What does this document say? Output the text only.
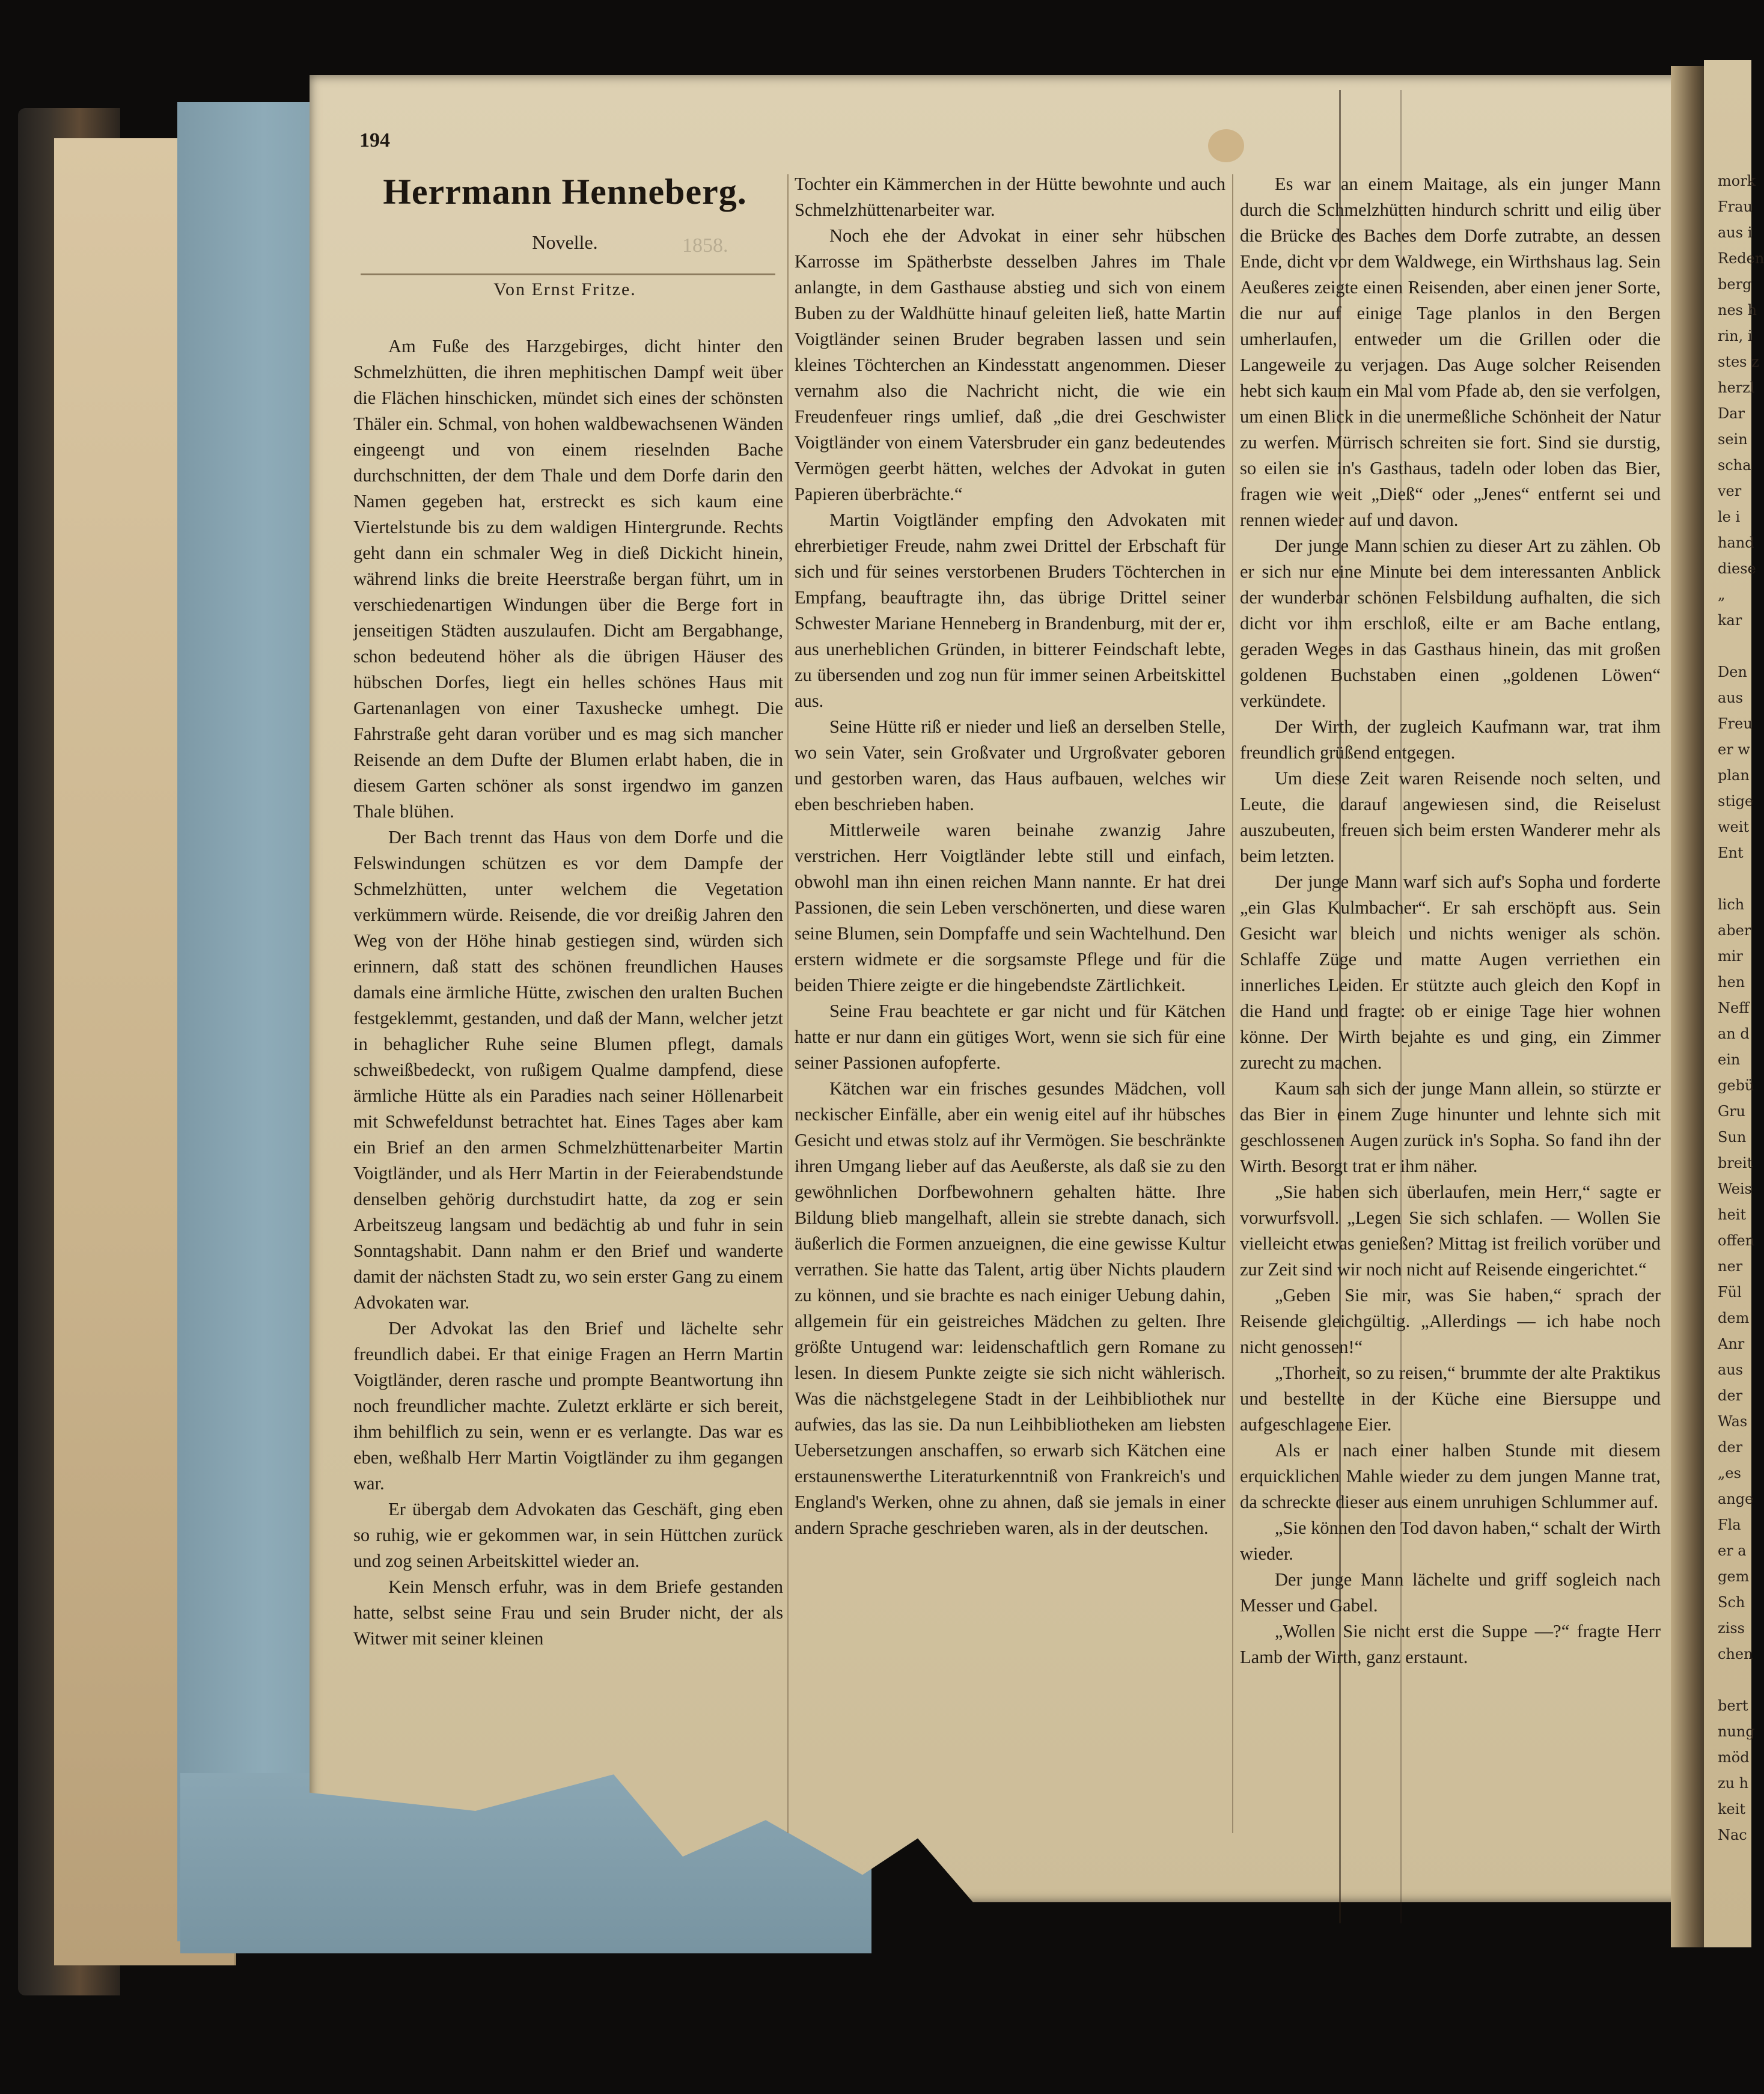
mork
Frau
aus i
Reden
berg
nes h
rin, i
stes z
herzl
Dar
sein
scha
ver
le i
hand
diese
„
kar

Den
aus
Freu
er w
plan
stige
weit
Ent

lich
aber
mir
hen
Neff
an d
ein
gebü
Gru
Sun
breit
Weis
heit
offen
ner
Fül
dem
Anr
aus
der
Was
der
„es
ange
Fla
er a
gem
Sch
ziss
chen

bert
nung
möd
zu h
keit
Nac
194
1858.
Herrmann Henneberg.
Novelle.
Von Ernst Fritze.

Am Fuße des Harzgebirges, dicht hinter den Schmelzhütten, die ihren mephitischen Dampf weit über die Flächen hinschicken, mündet sich eines der schönsten Thäler ein. Schmal, von hohen waldbewachsenen Wänden eingeengt und von einem rieselnden Bache durchschnitten, der dem Thale und dem Dorfe darin den Namen gegeben hat, erstreckt es sich kaum eine Viertelstunde bis zu dem waldigen Hintergrunde. Rechts geht dann ein schmaler Weg in dieß Dickicht hinein, während links die breite Heerstraße bergan führt, um in verschiedenartigen Windungen über die Berge fort in jenseitigen Städten auszulaufen. Dicht am Bergabhange, schon bedeutend höher als die übrigen Häuser des hübschen Dorfes, liegt ein helles schönes Haus mit Gartenanlagen von einer Taxushecke umhegt. Die Fahrstraße geht daran vorüber und es mag sich mancher Reisende an dem Dufte der Blumen erlabt haben, die in diesem Garten schöner als sonst irgendwo im ganzen Thale blühen.

Der Bach trennt das Haus von dem Dorfe und die Felswindungen schützen es vor dem Dampfe der Schmelzhütten, unter welchem die Vegetation verkümmern würde. Reisende, die vor dreißig Jahren den Weg von der Höhe hinab gestiegen sind, würden sich erinnern, daß statt des schönen freundlichen Hauses damals eine ärmliche Hütte, zwischen den uralten Buchen festgeklemmt, gestanden, und daß der Mann, welcher jetzt in behaglicher Ruhe seine Blumen pflegt, damals schweißbedeckt, von rußigem Qualme dampfend, diese ärmliche Hütte als ein Paradies nach seiner Höllenarbeit mit Schwefeldunst betrachtet hat. Eines Tages aber kam ein Brief an den armen Schmelzhüttenarbeiter Martin Voigtländer, und als Herr Martin in der Feierabendstunde denselben gehörig durchstudirt hatte, da zog er sein Arbeitszeug langsam und bedächtig ab und fuhr in sein Sonntagshabit. Dann nahm er den Brief und wanderte damit der nächsten Stadt zu, wo sein erster Gang zu einem Advokaten war.

Der Advokat las den Brief und lächelte sehr freundlich dabei. Er that einige Fragen an Herrn Martin Voigtländer, deren rasche und prompte Beantwortung ihn noch freundlicher machte. Zuletzt erklärte er sich bereit, ihm behilflich zu sein, wenn er es verlangte. Das war es eben, weßhalb Herr Martin Voigtländer zu ihm gegangen war.

Er übergab dem Advokaten das Geschäft, ging eben so ruhig, wie er gekommen war, in sein Hüttchen zurück und zog seinen Arbeitskittel wieder an.

Kein Mensch erfuhr, was in dem Briefe gestanden hatte, selbst seine Frau und sein Bruder nicht, der als Witwer mit seiner kleinen

Tochter ein Kämmerchen in der Hütte bewohnte und auch Schmelzhüttenarbeiter war.

Noch ehe der Advokat in einer sehr hübschen Karrosse im Spätherbste desselben Jahres im Thale anlangte, in dem Gasthause abstieg und sich von einem Buben zu der Waldhütte hinauf geleiten ließ, hatte Martin Voigtländer seinen Bruder begraben lassen und sein kleines Töchterchen an Kindesstatt angenommen. Dieser vernahm also die Nachricht nicht, die wie ein Freudenfeuer rings umlief, daß „die drei Geschwister Voigtländer von einem Vatersbruder ein ganz bedeutendes Vermögen geerbt hätten, welches der Advokat in guten Papieren überbrächte.“

Martin Voigtländer empfing den Advokaten mit ehrerbietiger Freude, nahm zwei Drittel der Erbschaft für sich und für seines verstorbenen Bruders Töchterchen in Empfang, beauftragte ihn, das übrige Drittel seiner Schwester Mariane Henneberg in Brandenburg, mit der er, aus unerheblichen Gründen, in bitterer Feindschaft lebte, zu übersenden und zog nun für immer seinen Arbeitskittel aus.

Seine Hütte riß er nieder und ließ an derselben Stelle, wo sein Vater, sein Großvater und Urgroßvater geboren und gestorben waren, das Haus aufbauen, welches wir eben beschrieben haben.

Mittlerweile waren beinahe zwanzig Jahre verstrichen. Herr Voigtländer lebte still und einfach, obwohl man ihn einen reichen Mann nannte. Er hat drei Passionen, die sein Leben verschönerten, und diese waren seine Blumen, sein Dompfaffe und sein Wachtelhund. Den erstern widmete er die sorgsamste Pflege und für die beiden Thiere zeigte er die hingebendste Zärtlichkeit.

Seine Frau beachtete er gar nicht und für Kätchen hatte er nur dann ein gütiges Wort, wenn sie sich für eine seiner Passionen aufopferte.

Kätchen war ein frisches gesundes Mädchen, voll neckischer Einfälle, aber ein wenig eitel auf ihr hübsches Gesicht und etwas stolz auf ihr Vermögen. Sie beschränkte ihren Umgang lieber auf das Aeußerste, als daß sie zu den gewöhnlichen Dorfbewohnern gehalten hätte. Ihre Bildung blieb mangelhaft, allein sie strebte danach, sich äußerlich die Formen anzueignen, die eine gewisse Kultur verrathen. Sie hatte das Talent, artig über Nichts plaudern zu können, und sie brachte es nach einiger Uebung dahin, allgemein für ein geistreiches Mädchen zu gelten. Ihre größte Untugend war: leidenschaftlich gern Romane zu lesen. In diesem Punkte zeigte sie sich nicht wählerisch. Was die nächstgelegene Stadt in der Leihbibliothek nur aufwies, das las sie. Da nun Leihbibliotheken am liebsten Uebersetzungen anschaffen, so erwarb sich Kätchen eine erstaunenswerthe Literaturkenntniß von Frankreich's und England's Werken, ohne zu ahnen, daß sie jemals in einer andern Sprache geschrieben waren, als in der deutschen.

Es war an einem Maitage, als ein junger Mann durch die Schmelzhütten hindurch schritt und eilig über die Brücke des Baches dem Dorfe zutrabte, an dessen Ende, dicht vor dem Waldwege, ein Wirthshaus lag. Sein Aeußeres zeigte einen Reisenden, aber einen jener Sorte, die nur auf einige Tage planlos in den Bergen umherlaufen, entweder um die Grillen oder die Langeweile zu verjagen. Das Auge solcher Reisenden hebt sich kaum ein Mal vom Pfade ab, den sie verfolgen, um einen Blick in die unermeßliche Schönheit der Natur zu werfen. Mürrisch schreiten sie fort. Sind sie durstig, so eilen sie in's Gasthaus, tadeln oder loben das Bier, fragen wie weit „Dieß“ oder „Jenes“ entfernt sei und rennen wieder auf und davon.

Der junge Mann schien zu dieser Art zu zählen. Ob er sich nur eine Minute bei dem interessanten Anblick der wunderbar schönen Felsbildung aufhalten, die sich dicht vor ihm erschloß, eilte er am Bache entlang, geraden Weges in das Gasthaus hinein, das mit großen goldenen Buchstaben einen „goldenen Löwen“ verkündete.

Der Wirth, der zugleich Kaufmann war, trat ihm freundlich grüßend entgegen.

Um diese Zeit waren Reisende noch selten, und Leute, die darauf angewiesen sind, die Reiselust auszubeuten, freuen sich beim ersten Wanderer mehr als beim letzten.

Der junge Mann warf sich auf's Sopha und forderte „ein Glas Kulmbacher“. Er sah erschöpft aus. Sein Gesicht war bleich und nichts weniger als schön. Schlaffe Züge und matte Augen verriethen ein innerliches Leiden. Er stützte auch gleich den Kopf in die Hand und fragte: ob er einige Tage hier wohnen könne. Der Wirth bejahte es und ging, ein Zimmer zurecht zu machen.

Kaum sah sich der junge Mann allein, so stürzte er das Bier in einem Zuge hinunter und lehnte sich mit geschlossenen Augen zurück in's Sopha. So fand ihn der Wirth. Besorgt trat er ihm näher.

„Sie haben sich überlaufen, mein Herr,“ sagte er vorwurfsvoll. „Legen Sie sich schlafen. — Wollen Sie vielleicht etwas genießen? Mittag ist freilich vorüber und zur Zeit sind wir noch nicht auf Reisende eingerichtet.“

„Geben Sie mir, was Sie haben,“ sprach der Reisende gleichgültig. „Allerdings — ich habe noch nicht genossen!“

„Thorheit, so zu reisen,“ brummte der alte Praktikus und bestellte in der Küche eine Biersuppe und aufgeschlagene Eier.

Als er nach einer halben Stunde mit diesem erquicklichen Mahle wieder zu dem jungen Manne trat, da schreckte dieser aus einem unruhigen Schlummer auf.

„Sie können den Tod davon haben,“ schalt der Wirth wieder.

Der junge Mann lächelte und griff sogleich nach Messer und Gabel.

„Wollen Sie nicht erst die Suppe —?“ fragte Herr Lamb der Wirth, ganz erstaunt.
